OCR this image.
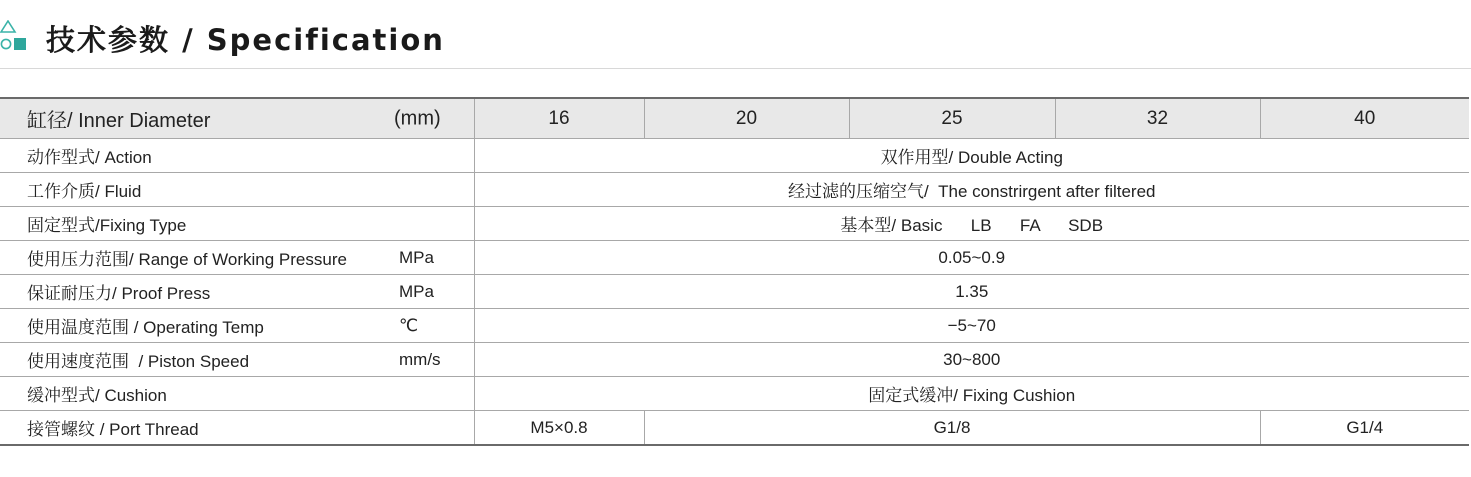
技术参数 / Specification
缸径/ Inner Diameter (mm)	16	20	25	32	40
动作型式/ Action	双作用型/ Double Acting				
工作介质/ Fluid	经过滤的压缩空气/  The constrirgent after filtered				
固定型式/Fixing Type	基本型/ Basic      LB      FA      SDB				
使用压力范围/ Range of Working Pressure MPa	0.05~0.9				
保证耐压力/ Proof Press MPa	1.35				
使用温度范围 / Operating Temp ℃	−5~70				
使用速度范围  / Piston Speed mm/s	30~800				
缓冲型式/ Cushion	固定式缓冲/ Fixing Cushion				
接管螺纹 / Port Thread	M5×0.8	G1/8			G1/4
